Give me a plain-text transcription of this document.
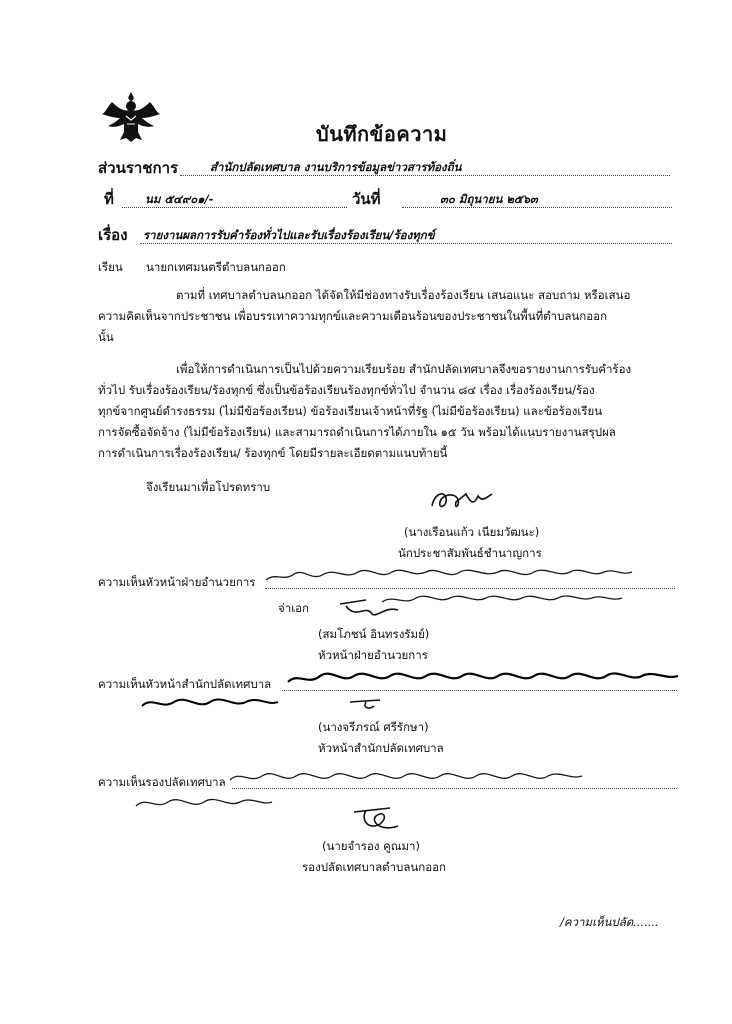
บันทึกข้อความ
ส่วนราชการ	สำนักปลัดเทศบาล งานบริการข้อมูลข่าวสารท้องถิ่น
ที่	นม ๕๔๙๐๑/-	วันที่	๓๐ มิถุนายน ๒๕๖๓
เรื่อง รายงานผลการรับคำร้องทั่วไปและรับเรื่องร้องเรียน/ร้องทุกข์
เรียน นายกเทศมนตรีตำบลนกออก
ตามที่ เทศบาลตำบลนกออก ได้จัดให้มีช่องทางรับเรื่องร้องเรียน เสนอแนะ สอบถาม หรือเสนอ
ความคิดเห็นจากประชาชน เพื่อบรรเทาความทุกข์และความเดือนร้อนของประชาชนในพื้นที่ตำบลนกออก
นั้น
เพื่อให้การดำเนินการเป็นไปด้วยความเรียบร้อย สำนักปลัดเทศบาลจึงขอรายงานการรับคำร้อง
ทั่วไป รับเรื่องร้องเรียน/ร้องทุกข์ ซึ่งเป็นข้อร้องเรียนร้องทุกข์ทั่วไป จำนวน ๘๔ เรื่อง เรื่องร้องเรียน/ร้อง
ทุกข์จากศูนย์ดำรงธรรม (ไม่มีข้อร้องเรียน) ข้อร้องเรียนเจ้าหน้าที่รัฐ (ไม่มีข้อร้องเรียน) และข้อร้องเรียน
การจัดซื้อจัดจ้าง (ไม่มีข้อร้องเรียน) และสามารถดำเนินการได้ภายใน ๑๕ วัน พร้อมได้แนบรายงานสรุปผล
การดำเนินการเรื่องร้องเรียน/ ร้องทุกข์ โดยมีรายละเอียดตามแนบท้ายนี้
จึงเรียนมาเพื่อโปรดทราบ
(นางเรือนแก้ว เนียมวัฒนะ)
นักประชาสัมพันธ์ชำนาญการ
ความเห็นหัวหน้าฝ่ายอำนวยการ
จ่าเอก
(สมโภชน์ อินทรงรัมย์)
หัวหน้าฝ่ายอำนวยการ
ความเห็นหัวหน้าสำนักปลัดเทศบาล
(นางจรีภรณ์ ศรีรักษา)
หัวหน้าสำนักปลัดเทศบาล
ความเห็นรองปลัดเทศบาล
(นายจำรอง คูณมา)
รองปลัดเทศบาลตำบลนกออก
/ความเห็นปลัด.......
